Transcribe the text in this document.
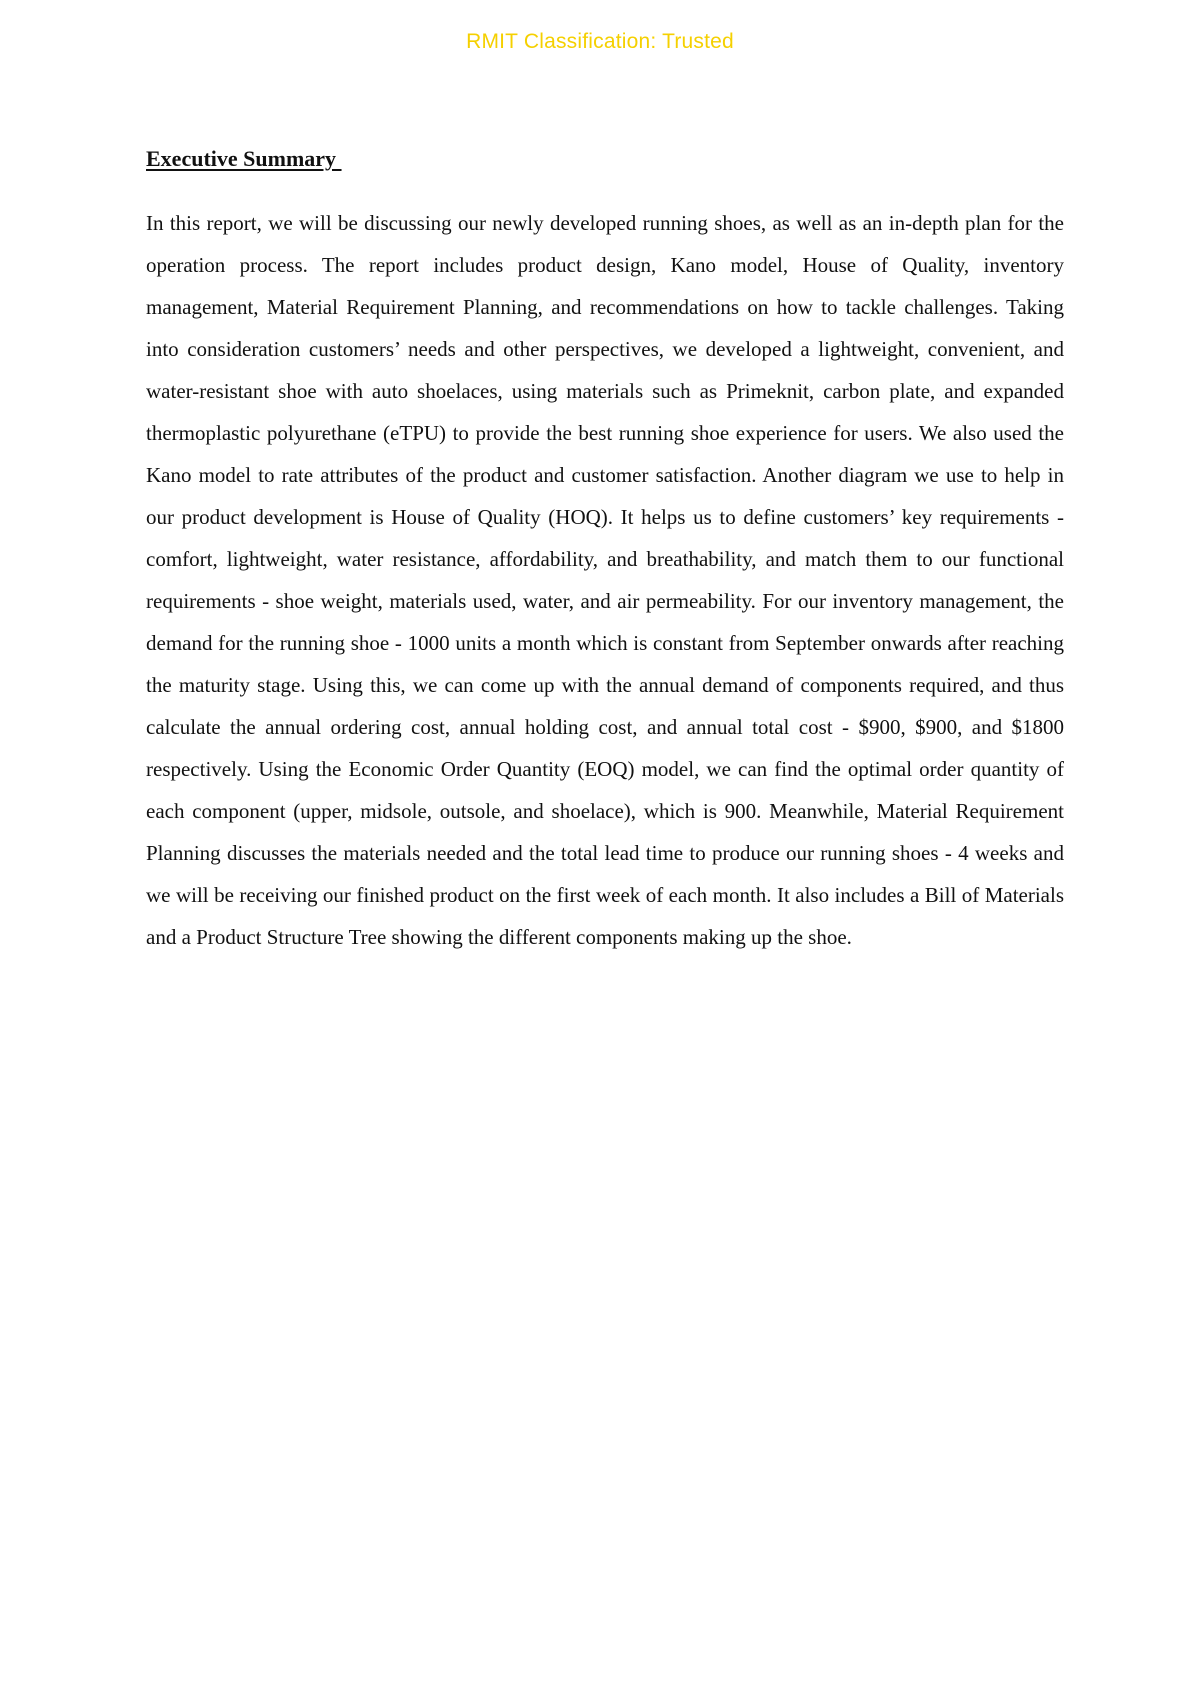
RMIT Classification: Trusted
Executive Summary

In this report, we will be discussing our newly developed running shoes, as well as an in-depth plan for the operation process. The report includes product design, Kano model, House of Quality, inventory management, Material Requirement Planning, and recommendations on how to tackle challenges. Taking into consideration customers’ needs and other perspectives, we developed a lightweight, convenient, and water-resistant shoe with auto shoelaces, using materials such as Primeknit, carbon plate, and expanded thermoplastic polyurethane (eTPU) to provide the best running shoe experience for users. We also used the Kano model to rate attributes of the product and customer satisfaction. Another diagram we use to help in our product development is House of Quality (HOQ). It helps us to define customers’ key requirements - comfort, lightweight, water resistance, affordability, and breathability, and match them to our functional requirements - shoe weight, materials used, water, and air permeability. For our inventory management, the demand for the running shoe - 1000 units a month which is constant from September onwards after reaching the maturity stage. Using this, we can come up with the annual demand of components required, and thus calculate the annual ordering cost, annual holding cost, and annual total cost - $900, $900, and $1800 respectively. Using the Economic Order Quantity (EOQ) model, we can find the optimal order quantity of each component (upper, midsole, outsole, and shoelace), which is 900. Meanwhile, Material Requirement Planning discusses the materials needed and the total lead time to produce our running shoes - 4 weeks and we will be receiving our finished product on the first week of each month. It also includes a Bill of Materials and a Product Structure Tree showing the different components making up the shoe.
